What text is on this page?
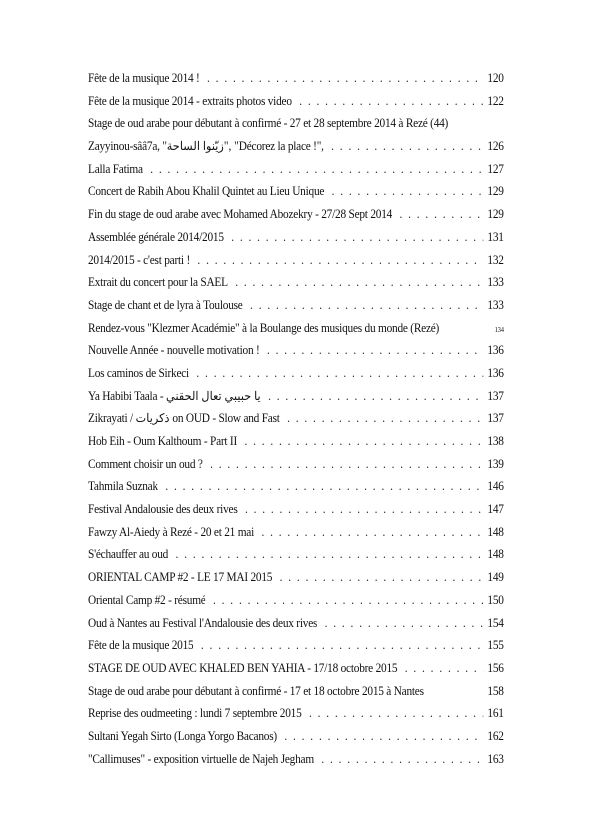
Fête de la musique 2014 ! . . .	120
Fête de la musique 2014 - extraits photos video . . .	122
Stage de oud arabe pour débutant à confirmé - 27 et 28 septembre 2014 à Rezé (44)
Zayyinou-sââ7a, "زيّنوا الساحة", "Décorez la place !", . . .	126
Lalla Fatima . . .	127
Concert de Rabih Abou Khalil Quintet au Lieu Unique . . .	129
Fin du stage de oud arabe avec Mohamed Abozekry - 27/28 Sept 2014 . . .	129
Assemblée générale 2014/2015 . . .	131
2014/2015 - c'est parti ! . . .	132
Extrait du concert pour la SAEL . . .	133
Stage de chant et de lyra à Toulouse . . .	133
Rendez-vous "Klezmer Académie" à la Boulange des musiques du monde (Rezé)	134
Nouvelle Année - nouvelle motivation ! . . .	136
Los caminos de Sirkeci . . .	136
Ya Habibi Taala - يا حبيبي تعال الحقني . . .	137
Zikrayati / ذكريات on OUD - Slow and Fast . . .	137
Hob Eih - Oum Kalthoum - Part II . . .	138
Comment choisir un oud ? . . .	139
Tahmila Suznak . . .	146
Festival Andalousie des deux rives . . .	147
Fawzy Al-Aiedy à Rezé - 20 et 21 mai . . .	148
S'échauffer au oud . . .	148
ORIENTAL CAMP #2 - LE 17 MAI 2015 . . .	149
Oriental Camp #2 - résumé . . .	150
Oud à Nantes au Festival l'Andalousie des deux rives . . .	154
Fête de la musique 2015 . . .	155
STAGE DE OUD AVEC KHALED BEN YAHIA - 17/18 octobre 2015 . . .	156
Stage de oud arabe pour débutant à confirmé - 17 et 18 octobre 2015 à Nantes	158
Reprise des oudmeeting : lundi 7 septembre 2015 . . .	161
Sultani Yegah Sirto (Longa Yorgo Bacanos) . . .	162
"Callimuses" - exposition virtuelle de Najeh Jegham . . .	163
